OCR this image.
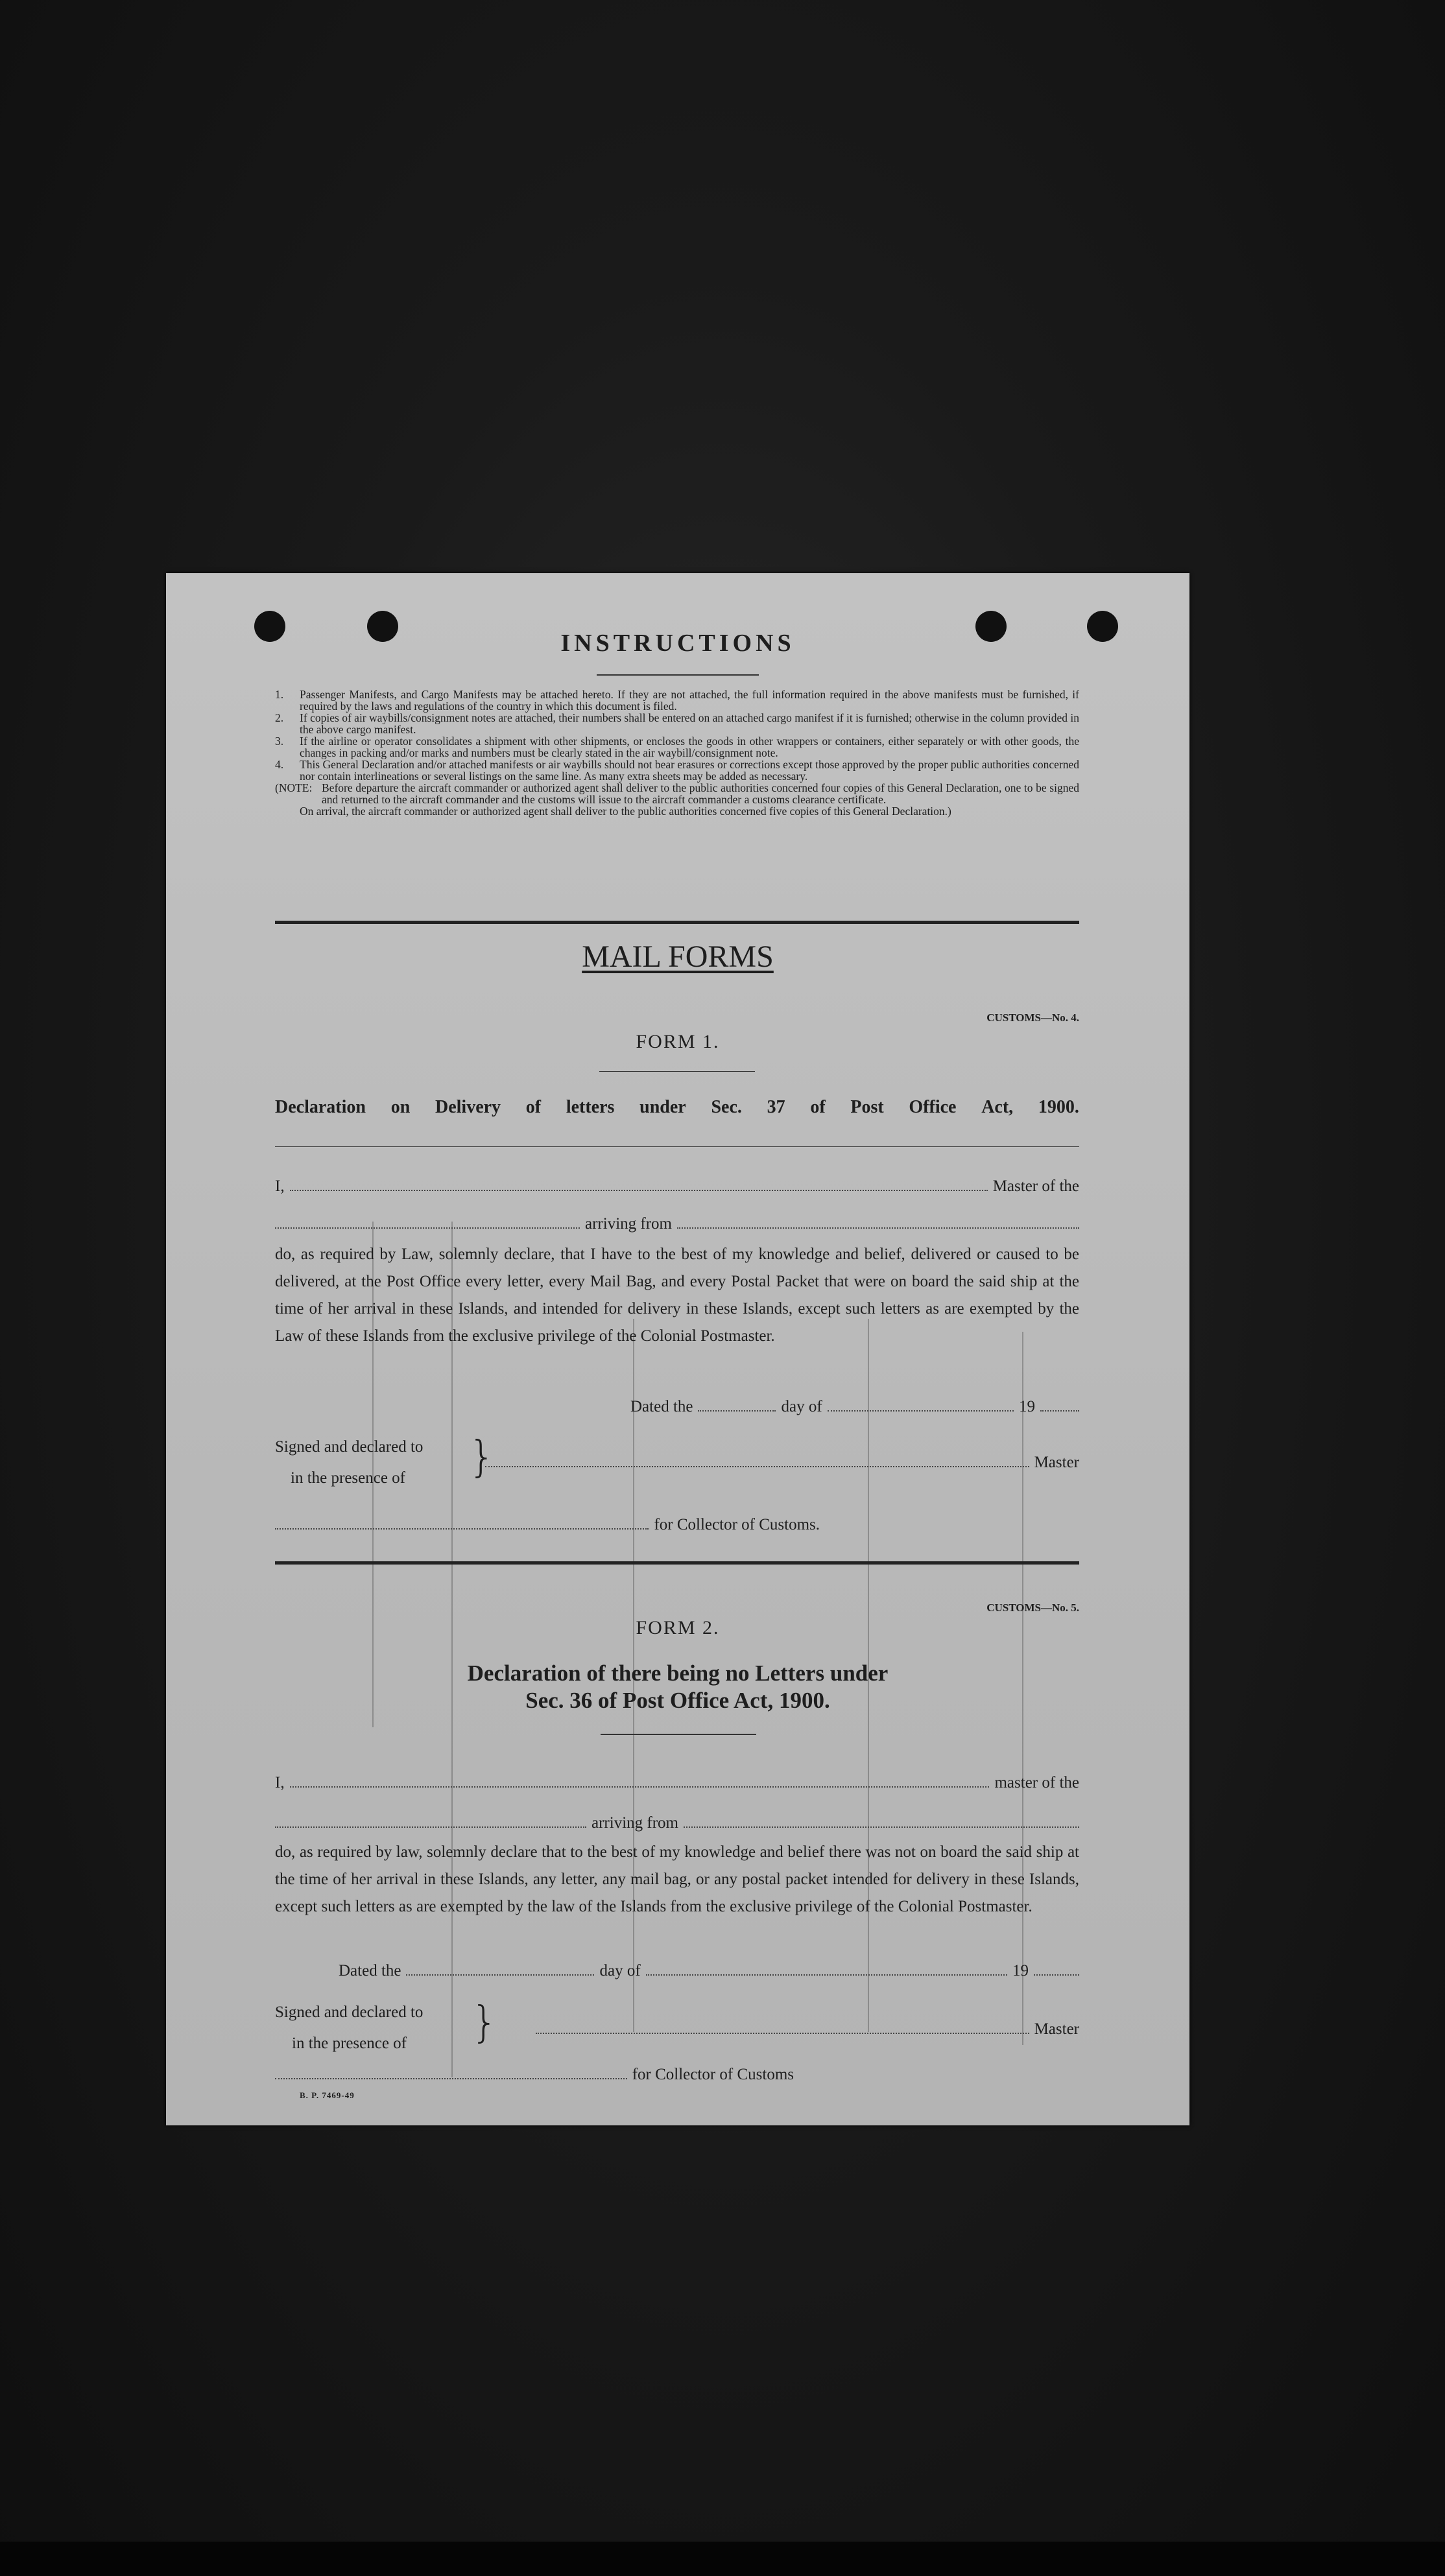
INSTRUCTIONS
1.	Passenger Manifests, and Cargo Manifests may be attached hereto. If they are not attached, the full information required in the above manifests must be furnished, if required by the laws and regulations of the country in which this document is filed.
2.	If copies of air waybills/consignment notes are attached, their numbers shall be entered on an attached cargo manifest if it is furnished; otherwise in the column provided in the above cargo manifest.
3.	If the airline or operator consolidates a shipment with other shipments, or encloses the goods in other wrappers or containers, either separately or with other goods, the changes in packing and/or marks and numbers must be clearly stated in the air waybill/consignment note.
4.	This General Declaration and/or attached manifests or air waybills should not bear erasures or corrections except those approved by the proper public authorities concerned nor contain interlineations or several listings on the same line. As many extra sheets may be added as necessary.
(NOTE: Before departure the aircraft commander or authorized agent shall deliver to the public authorities concerned four copies of this General Declaration, one to be signed and returned to the aircraft commander and the customs will issue to the aircraft commander a customs clearance certificate.
On arrival, the aircraft commander or authorized agent shall deliver to the public authorities concerned five copies of this General Declaration.)
MAIL FORMS
CUSTOMS—No. 4.
FORM 1.
Declaration on Delivery of letters under Sec. 37 of Post Office Act, 1900.
I,	Master of the
arriving from
do, as required by Law, solemnly declare, that I have to the best of my knowledge and belief, delivered or caused to be delivered, at the Post Office every letter, every Mail Bag, and every Postal Packet that were on board the said ship at the time of her arrival in these Islands, and intended for delivery in these Islands, except such letters as are exempted by the Law of these Islands from the exclusive privilege of the Colonial Postmaster.
Dated the	day of	19
Signed and declared to
in the presence of	}	Master
for Collector of Customs.
CUSTOMS—No. 5.
FORM 2.
Declaration of there being no Letters under
Sec. 36 of Post Office Act, 1900.
I,	master of the
arriving from
do, as required by law, solemnly declare that to the best of my knowledge and belief there was not on board the said ship at the time of her arrival in these Islands, any letter, any mail bag, or any postal packet intended for delivery in these Islands, except such letters as are exempted by the law of the Islands from the exclusive privilege of the Colonial Postmaster.
Dated the	day of	19
Signed and declared to
in the presence of	}	Master
for Collector of Customs
B. P. 7469-49
